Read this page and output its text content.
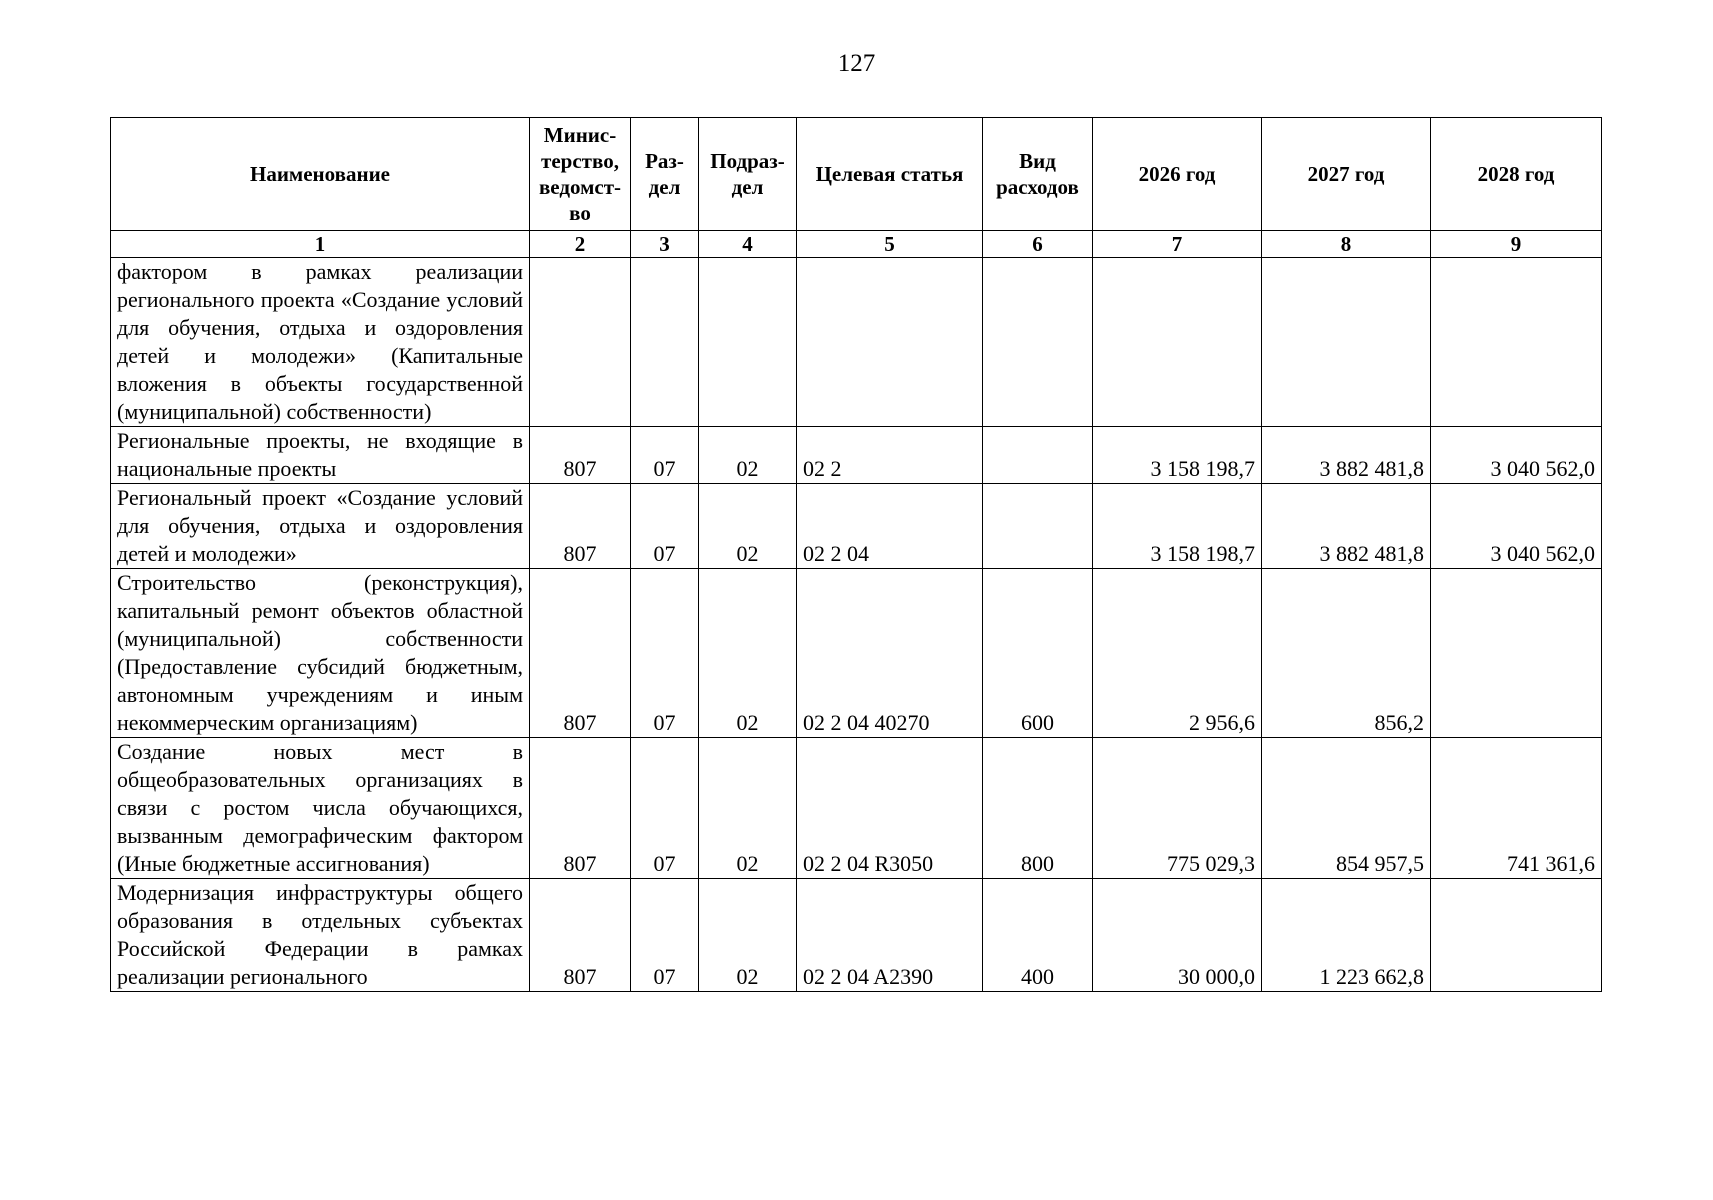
127
Наименование	Минис-терство, ведомст-во	Раз-дел	Подраз-дел	Целевая статья	Вид расходов	2026 год	2027 год	2028 год
1	2	3	4	5	6	7	8	9
фактором в рамках реализации регионального проекта «Создание условий для обучения, отдыха и оздоровления детей и молодежи» (Капитальные вложения в объекты государственной (муниципальной) собственности)								
Региональные проекты, не входящие в национальные проекты	807	07	02	02 2		3 158 198,7	3 882 481,8	3 040 562,0
Региональный проект «Создание условий для обучения, отдыха и оздоровления детей и молодежи»	807	07	02	02 2 04		3 158 198,7	3 882 481,8	3 040 562,0
Строительство (реконструкция), капитальный ремонт объектов областной (муниципальной) собственности (Предоставление субсидий бюджетным, автономным учреждениям и иным некоммерческим организациям)	807	07	02	02 2 04 40270	600	2 956,6	856,2	
Создание новых мест в общеобразовательных организациях в связи с ростом числа обучающихся, вызванным демографическим фактором (Иные бюджетные ассигнования)	807	07	02	02 2 04 R3050	800	775 029,3	854 957,5	741 361,6
Модернизация инфраструктуры общего образования в отдельных субъектах Российской Федерации в рамках реализации регионального	807	07	02	02 2 04 A2390	400	30 000,0	1 223 662,8	
